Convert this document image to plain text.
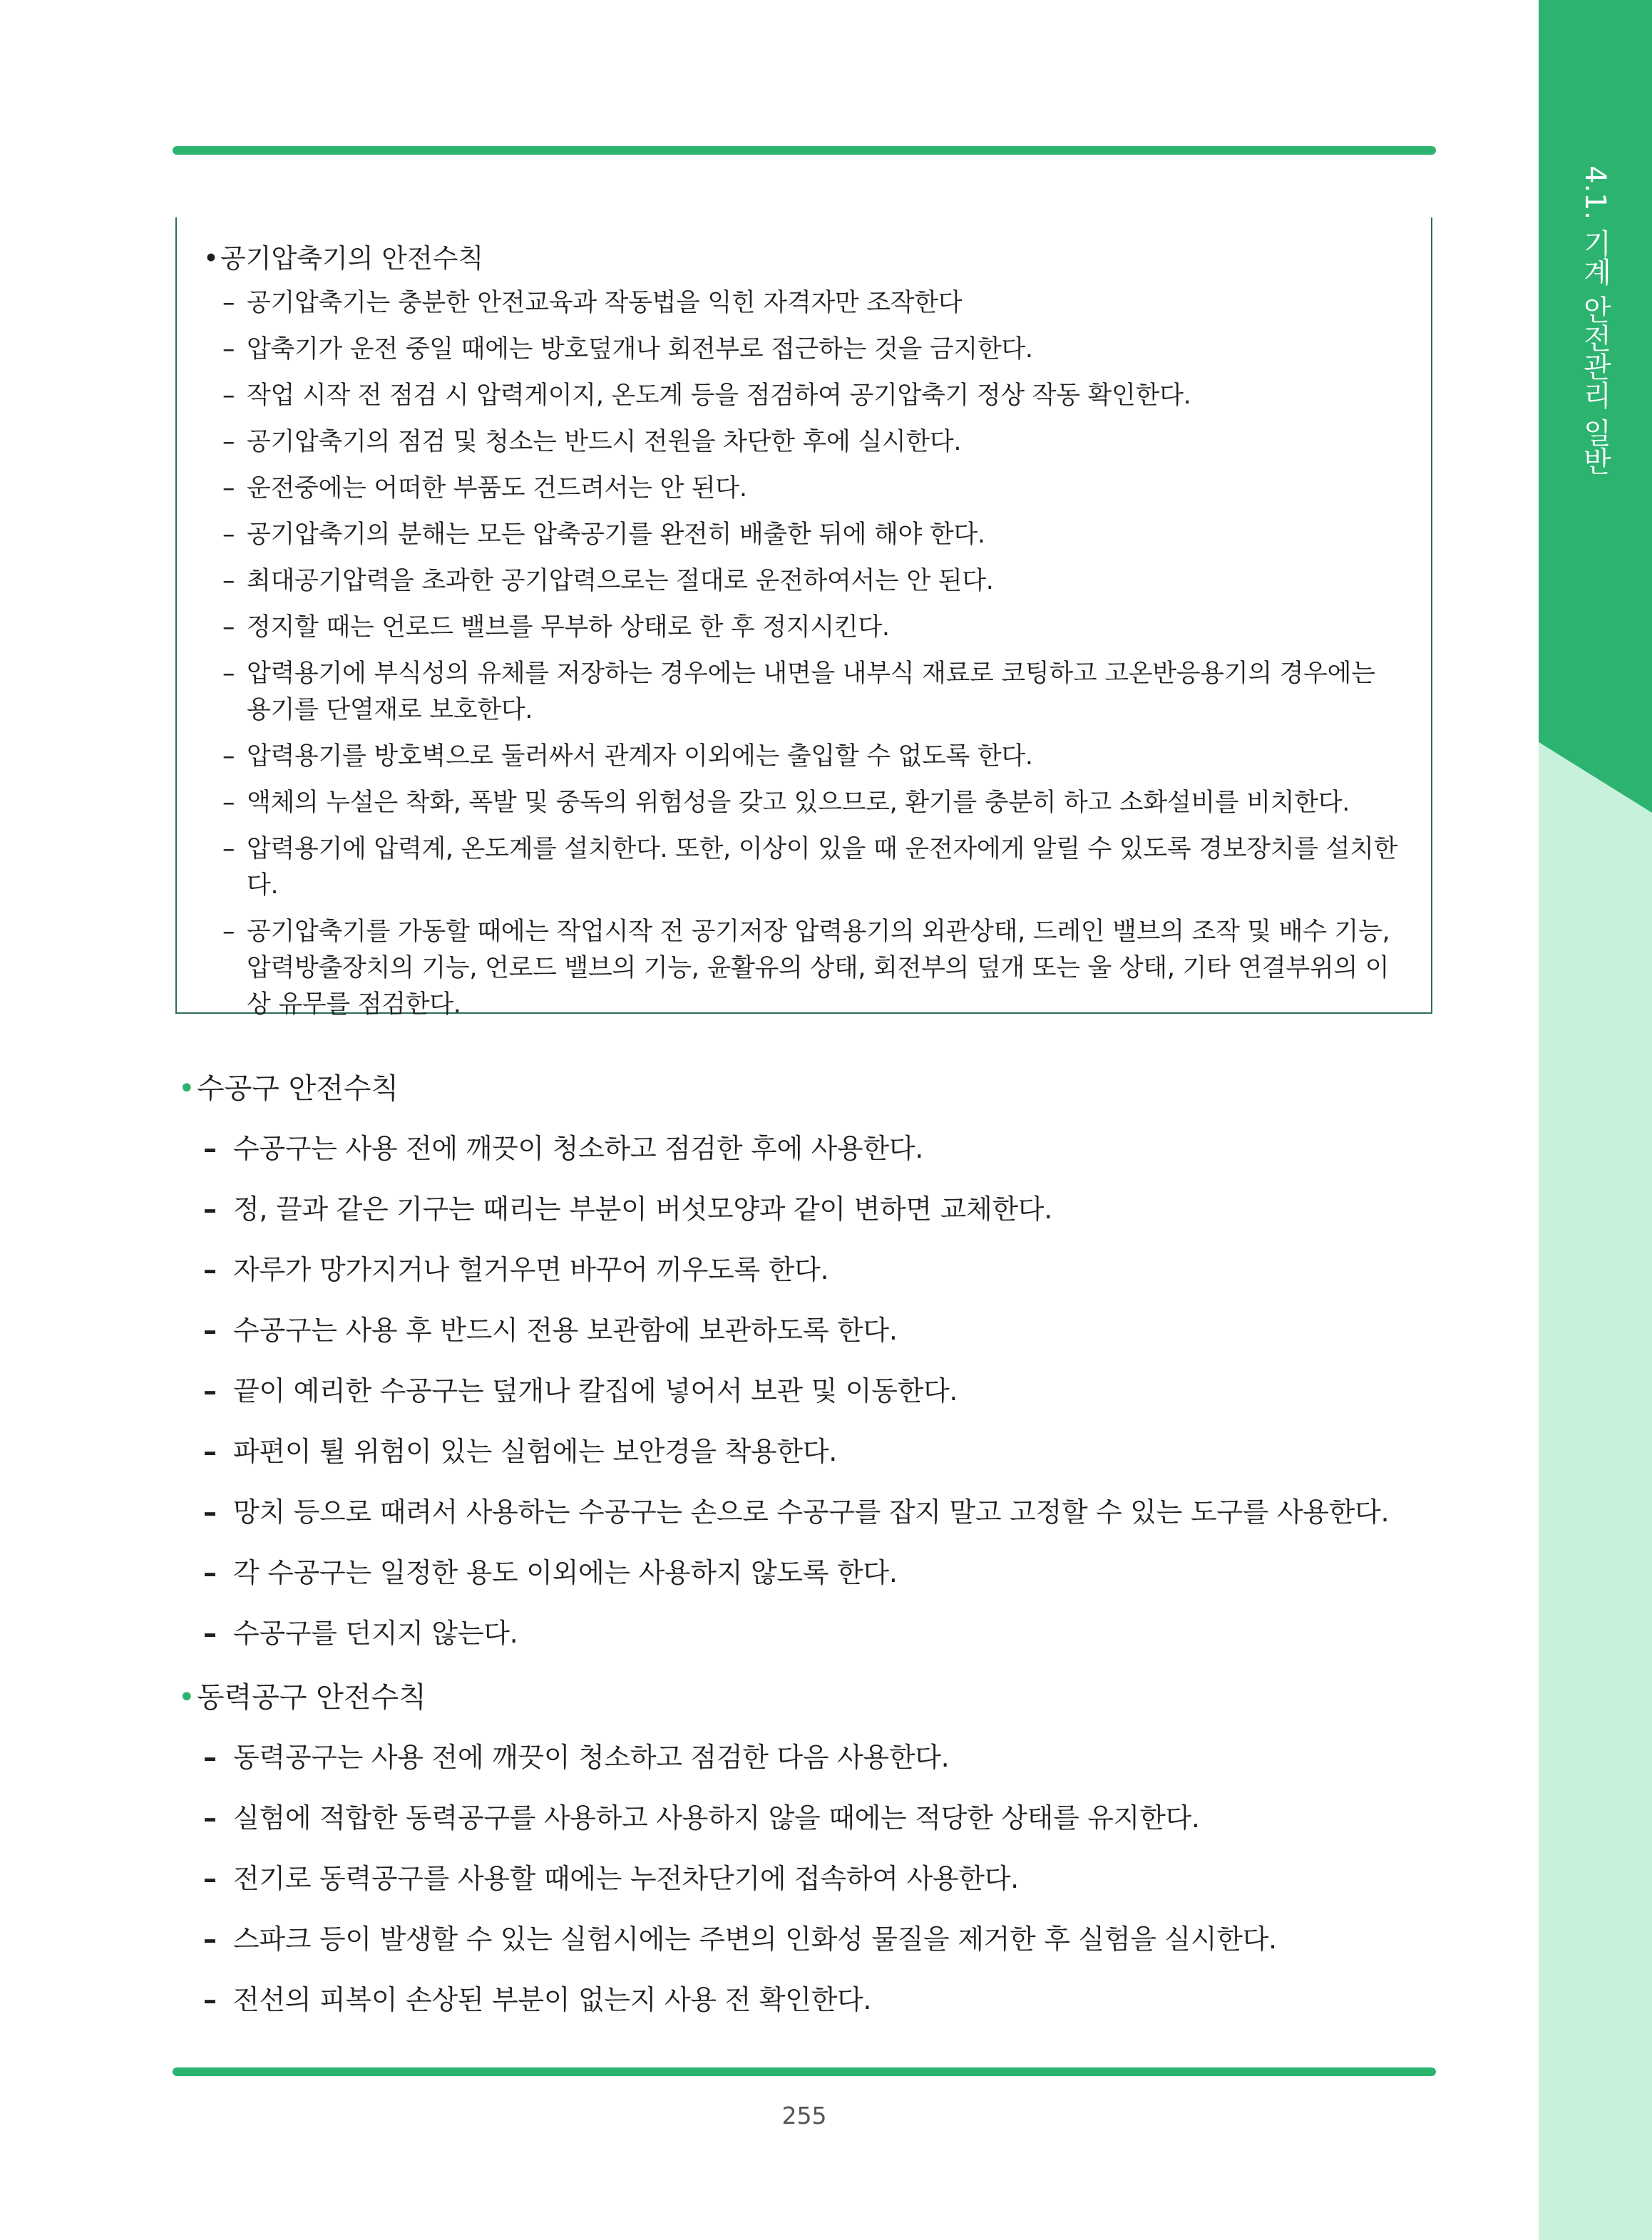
4.1. 기계 안전관리 일반
•공기압축기의 안전수칙
– 공기압축기는 충분한 안전교육과 작동법을 익힌 자격자만 조작한다
– 압축기가 운전 중일 때에는 방호덮개나 회전부로 접근하는 것을 금지한다.
– 작업 시작 전 점검 시 압력게이지, 온도계 등을 점검하여 공기압축기 정상 작동 확인한다.
– 공기압축기의 점검 및 청소는 반드시 전원을 차단한 후에 실시한다.
– 운전중에는 어떠한 부품도 건드려서는 안 된다.
– 공기압축기의 분해는 모든 압축공기를 완전히 배출한 뒤에 해야 한다.
– 최대공기압력을 초과한 공기압력으로는 절대로 운전하여서는 안 된다.
– 정지할 때는 언로드 밸브를 무부하 상태로 한 후 정지시킨다.
– 압력용기에 부식성의 유체를 저장하는 경우에는 내면을 내부식 재료로 코팅하고 고온반응용기의 경우에는 용기를 단열재로 보호한다.
– 압력용기를 방호벽으로 둘러싸서 관계자 이외에는 출입할 수 없도록 한다.
– 액체의 누설은 착화, 폭발 및 중독의 위험성을 갖고 있으므로, 환기를 충분히 하고 소화설비를 비치한다.
– 압력용기에 압력계, 온도계를 설치한다. 또한, 이상이 있을 때 운전자에게 알릴 수 있도록 경보장치를 설치한다.
– 공기압축기를 가동할 때에는 작업시작 전 공기저장 압력용기의 외관상태, 드레인 밸브의 조작 및 배수 기능, 압력방출장치의 기능, 언로드 밸브의 기능, 윤활유의 상태, 회전부의 덮개 또는 울 상태, 기타 연결부위의 이상 유무를 점검한다.
•수공구 안전수칙
– 수공구는 사용 전에 깨끗이 청소하고 점검한 후에 사용한다.
– 정, 끌과 같은 기구는 때리는 부분이 버섯모양과 같이 변하면 교체한다.
– 자루가 망가지거나 헐거우면 바꾸어 끼우도록 한다.
– 수공구는 사용 후 반드시 전용 보관함에 보관하도록 한다.
– 끝이 예리한 수공구는 덮개나 칼집에 넣어서 보관 및 이동한다.
– 파편이 튈 위험이 있는 실험에는 보안경을 착용한다.
– 망치 등으로 때려서 사용하는 수공구는 손으로 수공구를 잡지 말고 고정할 수 있는 도구를 사용한다.
– 각 수공구는 일정한 용도 이외에는 사용하지 않도록 한다.
– 수공구를 던지지 않는다.
•동력공구 안전수칙
– 동력공구는 사용 전에 깨끗이 청소하고 점검한 다음 사용한다.
– 실험에 적합한 동력공구를 사용하고 사용하지 않을 때에는 적당한 상태를 유지한다.
– 전기로 동력공구를 사용할 때에는 누전차단기에 접속하여 사용한다.
– 스파크 등이 발생할 수 있는 실험시에는 주변의 인화성 물질을 제거한 후 실험을 실시한다.
– 전선의 피복이 손상된 부분이 없는지 사용 전 확인한다.
255
